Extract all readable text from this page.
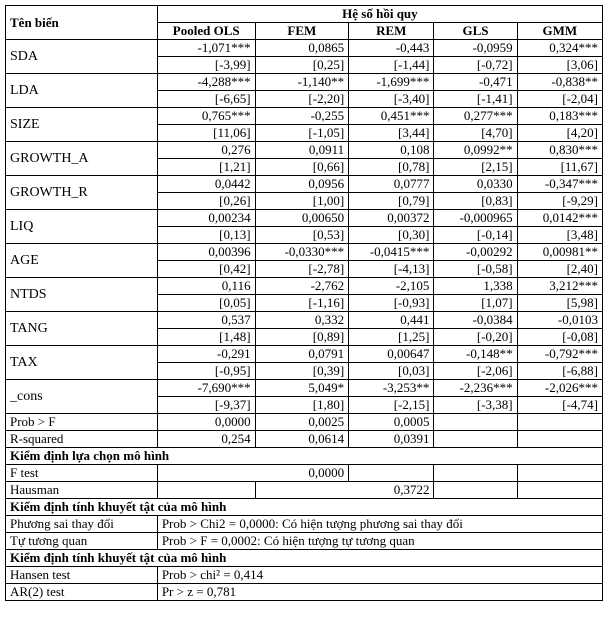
Tên biến	Hệ số hồi quy				
	Pooled OLS	FEM	REM	GLS	GMM
SDA	-1,071***	0,0865	-0,443	-0,0959	0,324***
	[-3,99]	[0,25]	[-1,44]	[-0,72]	[3,06]
LDA	-4,288***	-1,140**	-1,699***	-0,471	-0,838**
	[-6,65]	[-2,20]	[-3,40]	[-1,41]	[-2,04]
SIZE	0,765***	-0,255	0,451***	0,277***	0,183***
	[11,06]	[-1,05]	[3,44]	[4,70]	[4,20]
GROWTH_A	0,276	0,0911	0,108	0,0992**	0,830***
	[1,21]	[0,66]	[0,78]	[2,15]	[11,67]
GROWTH_R	0,0442	0,0956	0,0777	0,0330	-0,347***
	[0,26]	[1,00]	[0,79]	[0,83]	[-9,29]
LIQ	0,00234	0,00650	0,00372	-0,000965	0,0142***
	[0,13]	[0,53]	[0,30]	[-0,14]	[3,48]
AGE	0,00396	-0,0330***	-0,0415***	-0,00292	0,00981**
	[0,42]	[-2,78]	[-4,13]	[-0,58]	[2,40]
NTDS	0,116	-2,762	-2,105	1,338	3,212***
	[0,05]	[-1,16]	[-0,93]	[1,07]	[5,98]
TANG	0,537	0,332	0,441	-0,0384	-0,0103
	[1,48]	[0,89]	[1,25]	[-0,20]	[-0,08]
TAX	-0,291	0,0791	0,00647	-0,148**	-0,792***
	[-0,95]	[0,39]	[0,03]	[-2,06]	[-6,88]
_cons	-7,690***	5,049*	-3,253**	-2,236***	-2,026***
	[-9,37]	[1,80]	[-2,15]	[-3,38]	[-4,74]
Prob > F	0,0000	0,0025	0,0005		
R-squared	0,254	0,0614	0,0391		
Kiểm định lựa chọn mô hình					
F test	0,0000				
Hausman		0,3722			
Kiểm định tính khuyết tật của mô hình					
Phương sai thay đổi	Prob > Chi2 = 0,0000: Có hiện tượng phương sai thay đổi				
Tự tương quan	Prob > F = 0,0002: Có hiện tượng tự tương quan				
Kiểm định tính khuyết tật của mô hình					
Hansen test	Prob > chi² = 0,414				
AR(2) test	Pr > z = 0,781				
